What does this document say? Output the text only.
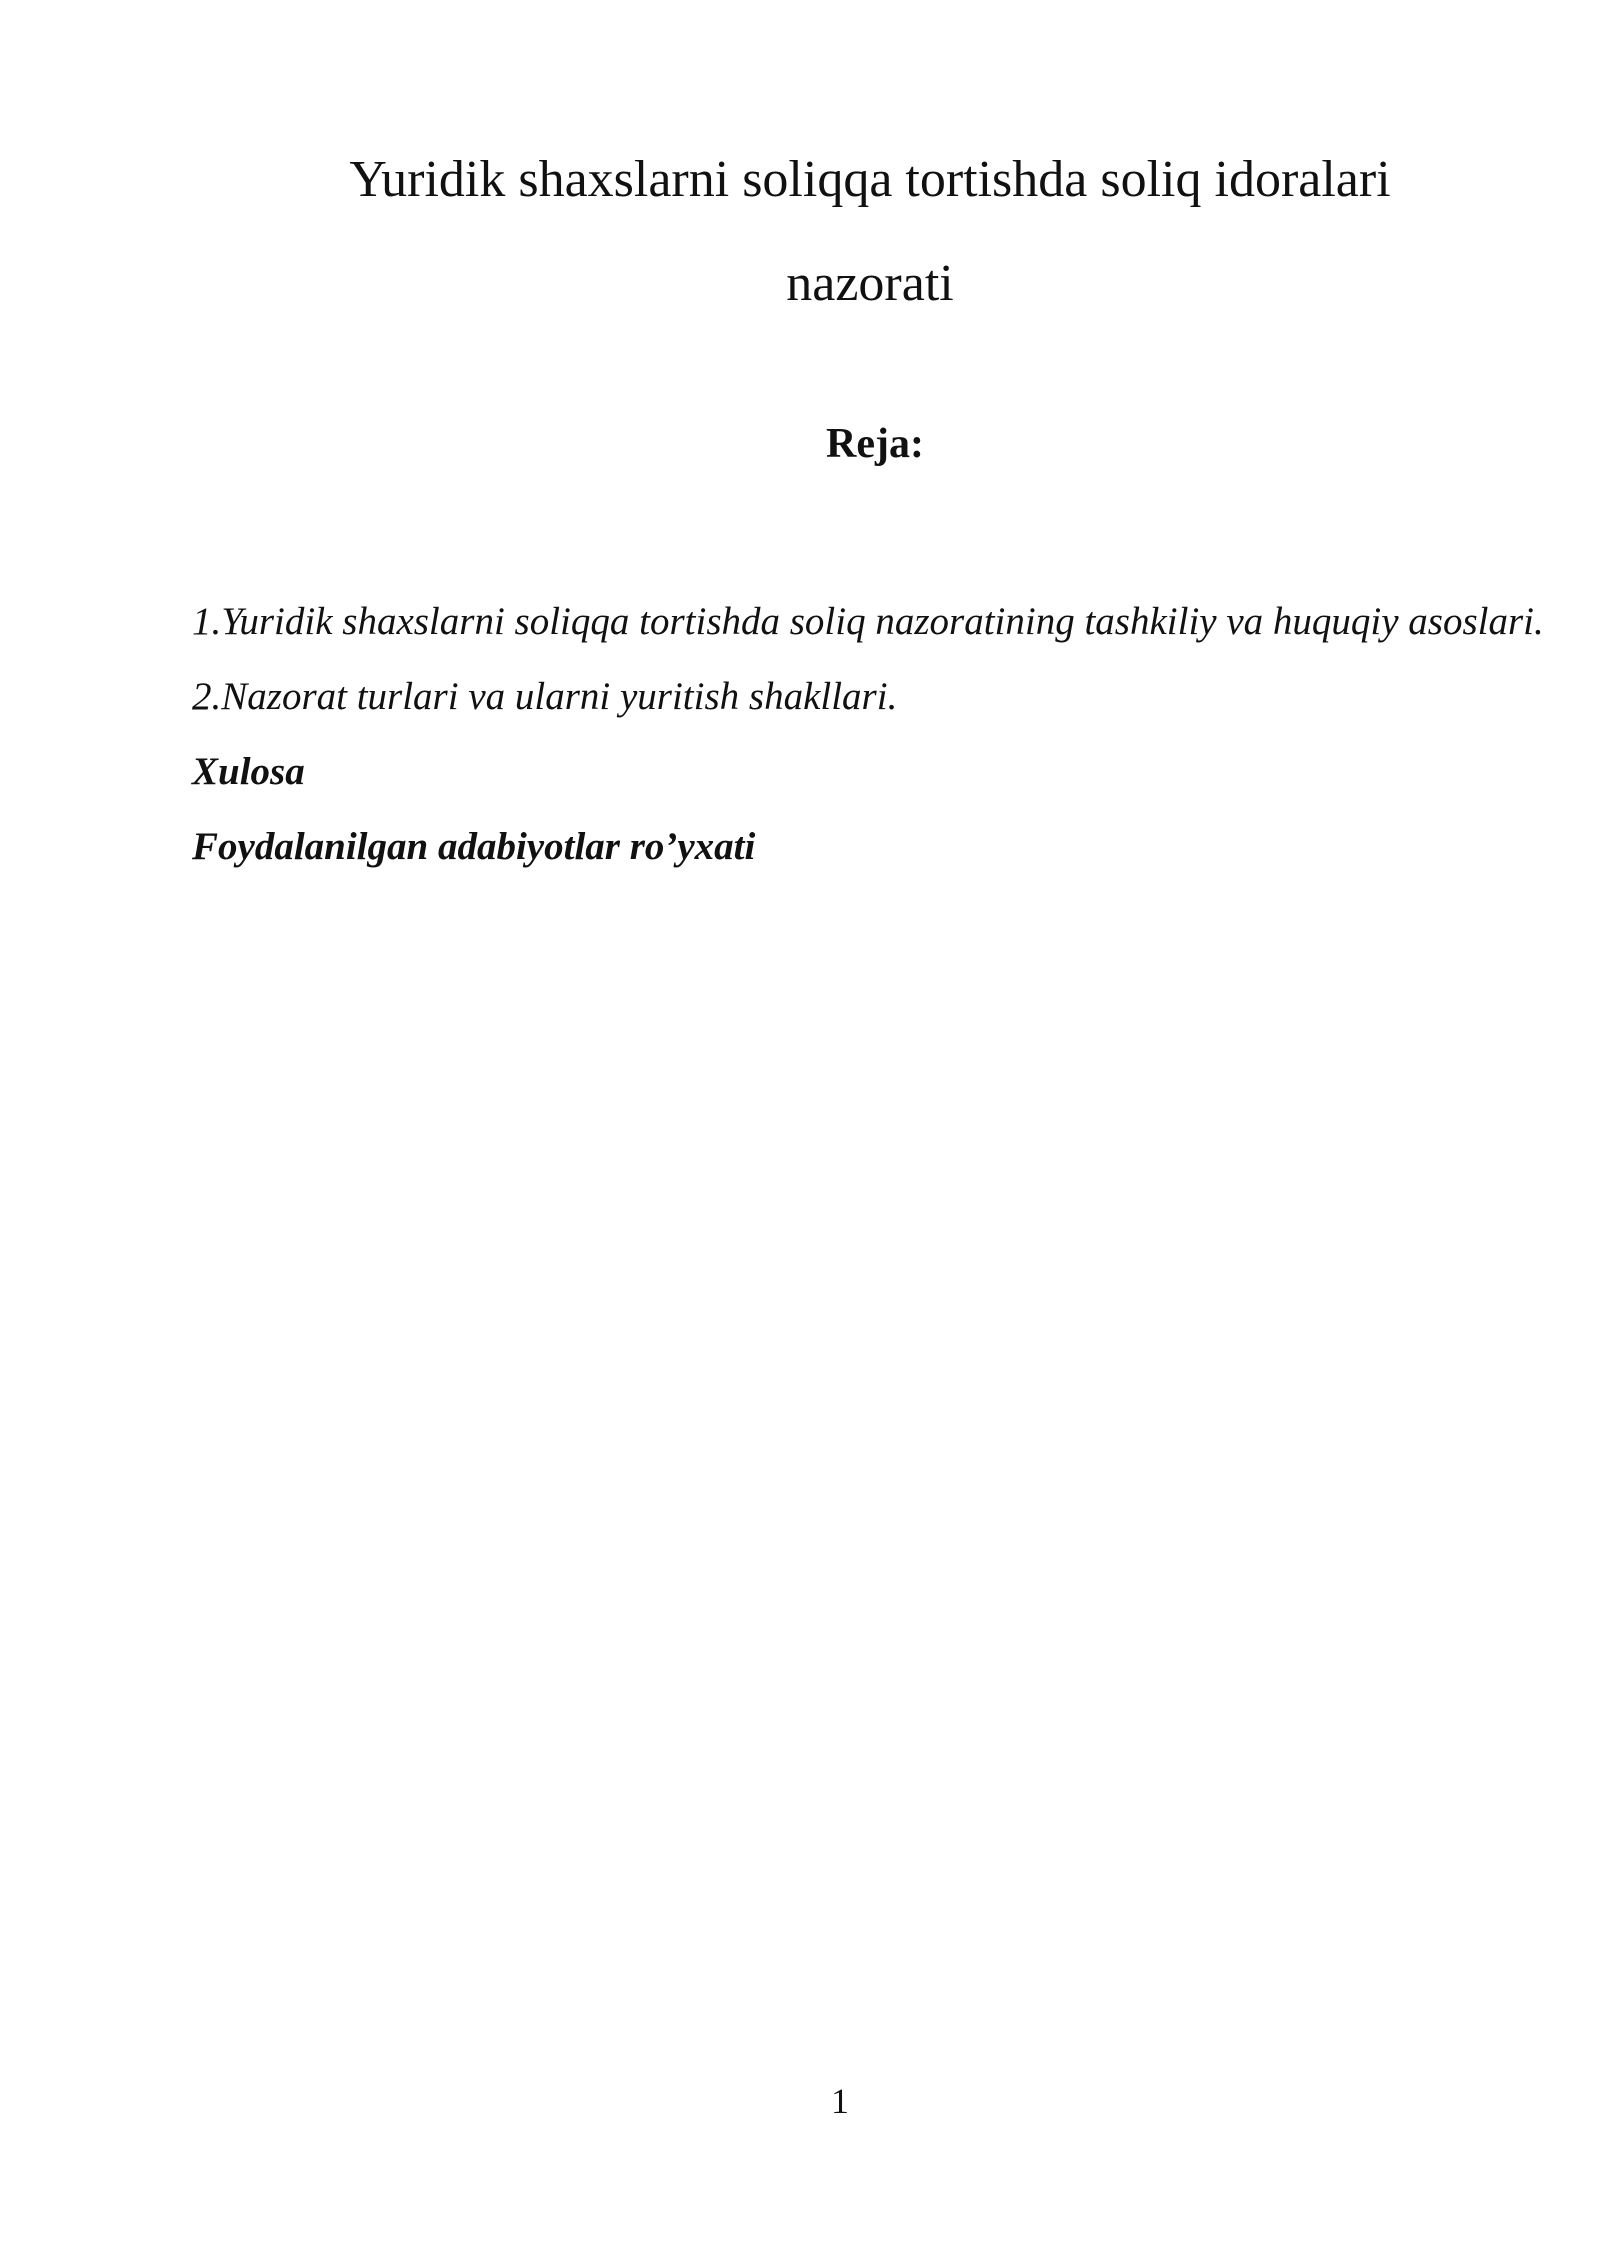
Yuridik shaxslarni soliqqa tortishda soliq idoralari
nazorati
Reja:
1.Yuridik shaxslarni soliqqa tortishda soliq nazoratining tashkiliy va huquqiy asoslari.
2.Nazorat turlari va ularni yuritish shakllari.
Xulosa
Foydalanilgan adabiyotlar ro’yxati

1
